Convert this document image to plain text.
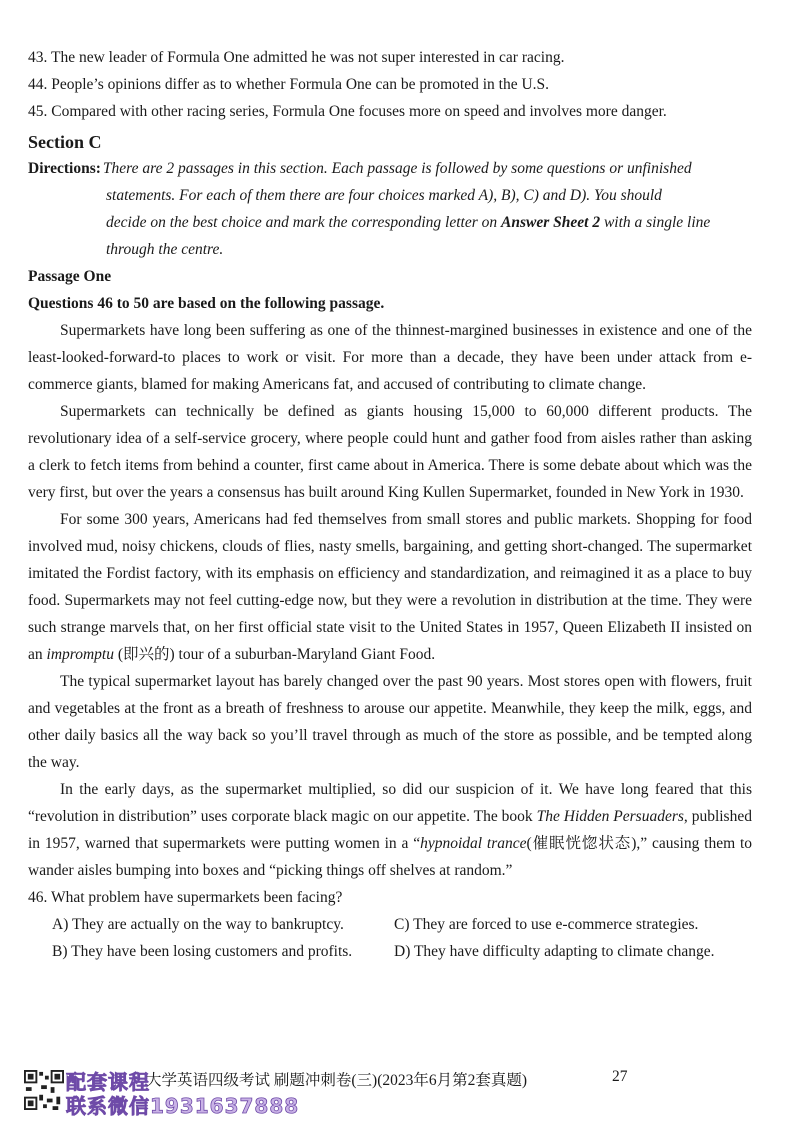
43. The new leader of Formula One admitted he was not super interested in car racing.
44. People’s opinions differ as to whether Formula One can be promoted in the U.S.
45. Compared with other racing series, Formula One focuses more on speed and involves more danger.
Section C
Directions: There are 2 passages in this section. Each passage is followed by some questions or unfinished
statements. For each of them there are four choices marked A), B), C) and D). You should
decide on the best choice and mark the corresponding letter on Answer Sheet 2 with a single line
through the centre.
Passage One
Questions 46 to 50 are based on the following passage.

Supermarkets have long been suffering as one of the thinnest-margined businesses in existence and one of the least-looked-forward-to places to work or visit. For more than a decade, they have been under attack from e-commerce giants, blamed for making Americans fat, and accused of contributing to climate change.

Supermarkets can technically be defined as giants housing 15,000 to 60,000 different products. The revolutionary idea of a self-service grocery, where people could hunt and gather food from aisles rather than asking a clerk to fetch items from behind a counter, first came about in America. There is some debate about which was the very first, but over the years a consensus has built around King Kullen Supermarket, founded in New York in 1930.

For some 300 years, Americans had fed themselves from small stores and public markets. Shopping for food involved mud, noisy chickens, clouds of flies, nasty smells, bargaining, and getting short-changed. The supermarket imitated the Fordist factory, with its emphasis on efficiency and standardization, and reimagined it as a place to buy food. Supermarkets may not feel cutting-edge now, but they were a revolution in distribution at the time. They were such strange marvels that, on her first official state visit to the United States in 1957, Queen Elizabeth II insisted on an impromptu (即兴的) tour of a suburban-Maryland Giant Food.

The typical supermarket layout has barely changed over the past 90 years. Most stores open with flowers, fruit and vegetables at the front as a breath of freshness to arouse our appetite. Meanwhile, they keep the milk, eggs, and other daily basics all the way back so you’ll travel through as much of the store as possible, and be tempted along the way.

In the early days, as the supermarket multiplied, so did our suspicion of it. We have long feared that this “revolution in distribution” uses corporate black magic on our appetite. The book The Hidden Persuaders, published in 1957, warned that supermarkets were putting women in a “hypnoidal trance(催眠恍惚状态),” causing them to wander aisles bumping into boxes and “picking things off shelves at random.”

46. What problem have supermarkets been facing?
A) They are actually on the way to bankruptcy.	C) They are forced to use e-commerce strategies.
B) They have been losing customers and profits.	D) They have difficulty adapting to climate change.
配套课程
联系微信1931637888
大学英语四级考试 刷题冲刺卷(三)(2023年6月第2套真题)	27
